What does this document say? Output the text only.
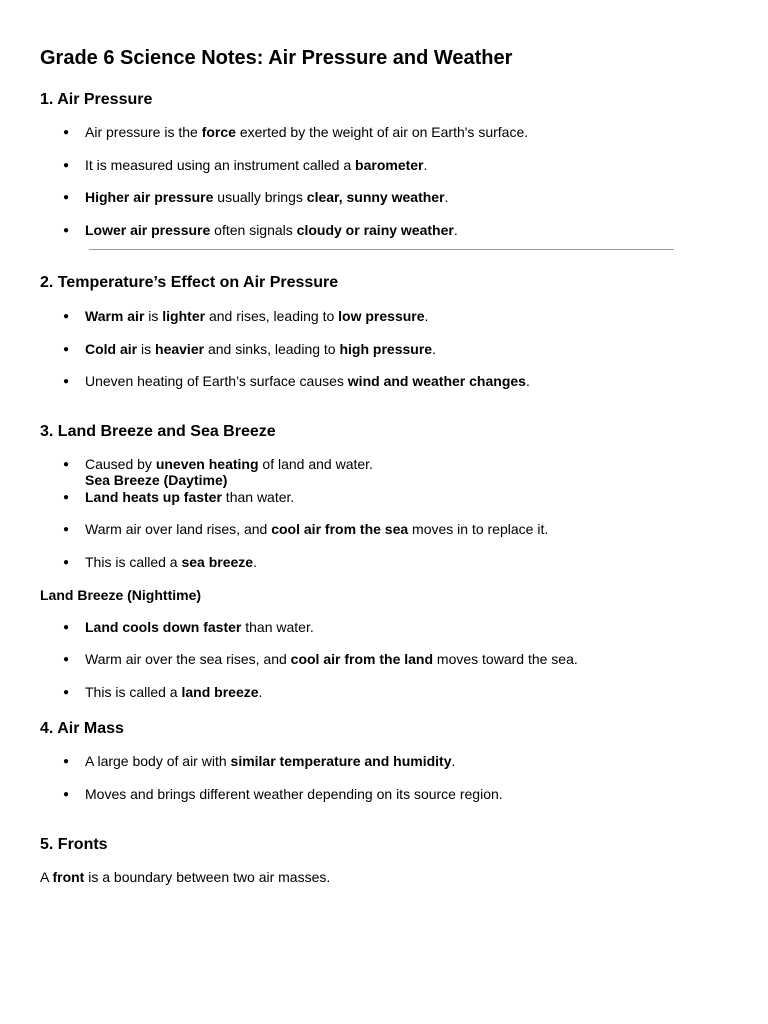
Grade 6 Science Notes: Air Pressure and Weather
1. Air Pressure
● Air pressure is the force exerted by the weight of air on Earth's surface.
● It is measured using an instrument called a barometer.
● Higher air pressure usually brings clear, sunny weather.
● Lower air pressure often signals cloudy or rainy weather.
2. Temperature’s Effect on Air Pressure
● Warm air is lighter and rises, leading to low pressure.
● Cold air is heavier and sinks, leading to high pressure.
● Uneven heating of Earth’s surface causes wind and weather changes.
3. Land Breeze and Sea Breeze
● Caused by uneven heating of land and water.
Sea Breeze (Daytime)
● Land heats up faster than water.
● Warm air over land rises, and cool air from the sea moves in to replace it.
● This is called a sea breeze.
Land Breeze (Nighttime)
● Land cools down faster than water.
● Warm air over the sea rises, and cool air from the land moves toward the sea.
● This is called a land breeze.
4. Air Mass
● A large body of air with similar temperature and humidity.
● Moves and brings different weather depending on its source region.
5. Fronts
A front is a boundary between two air masses.
